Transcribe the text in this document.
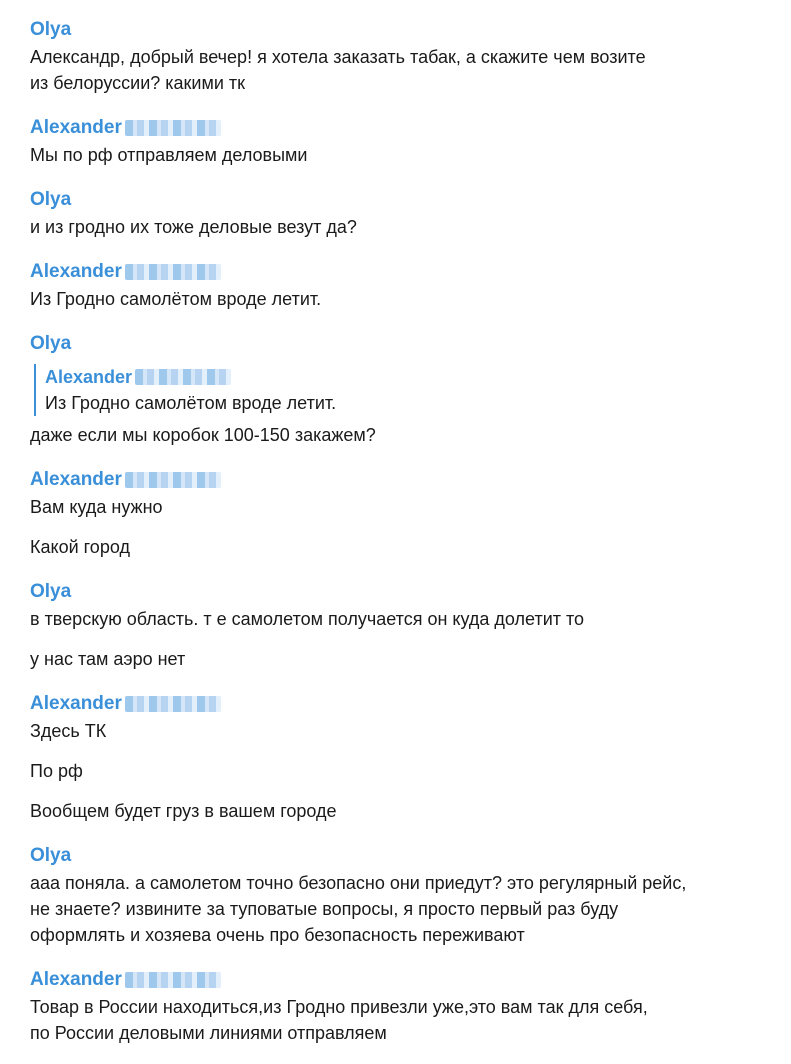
Olya
Александр, добрый вечер! я хотела заказать табак, а скажите чем возите
из белоруссии? какими тк
Alexander
Мы по рф отправляем деловыми
Olya
и из гродно их тоже деловые везут да?
Alexander
Из Гродно самолётом вроде летит.
Olya
Alexander
Из Гродно самолётом вроде летит.
даже если мы коробок 100-150 закажем?
Alexander
Вам куда нужно
Какой город
Olya
в тверскую область. т е самолетом получается он куда долетит то
у нас там аэро нет
Alexander
Здесь ТК
По рф
Вообщем будет груз в вашем городе
Olya
ааа поняла. а самолетом точно безопасно они приедут? это регулярный рейс,
не знаете? извините за туповатые вопросы, я просто первый раз буду
оформлять и хозяева очень про безопасность переживают
Alexander
Товар в России находиться,из Гродно привезли уже,это вам так для себя,
по России деловыми линиями отправляем
